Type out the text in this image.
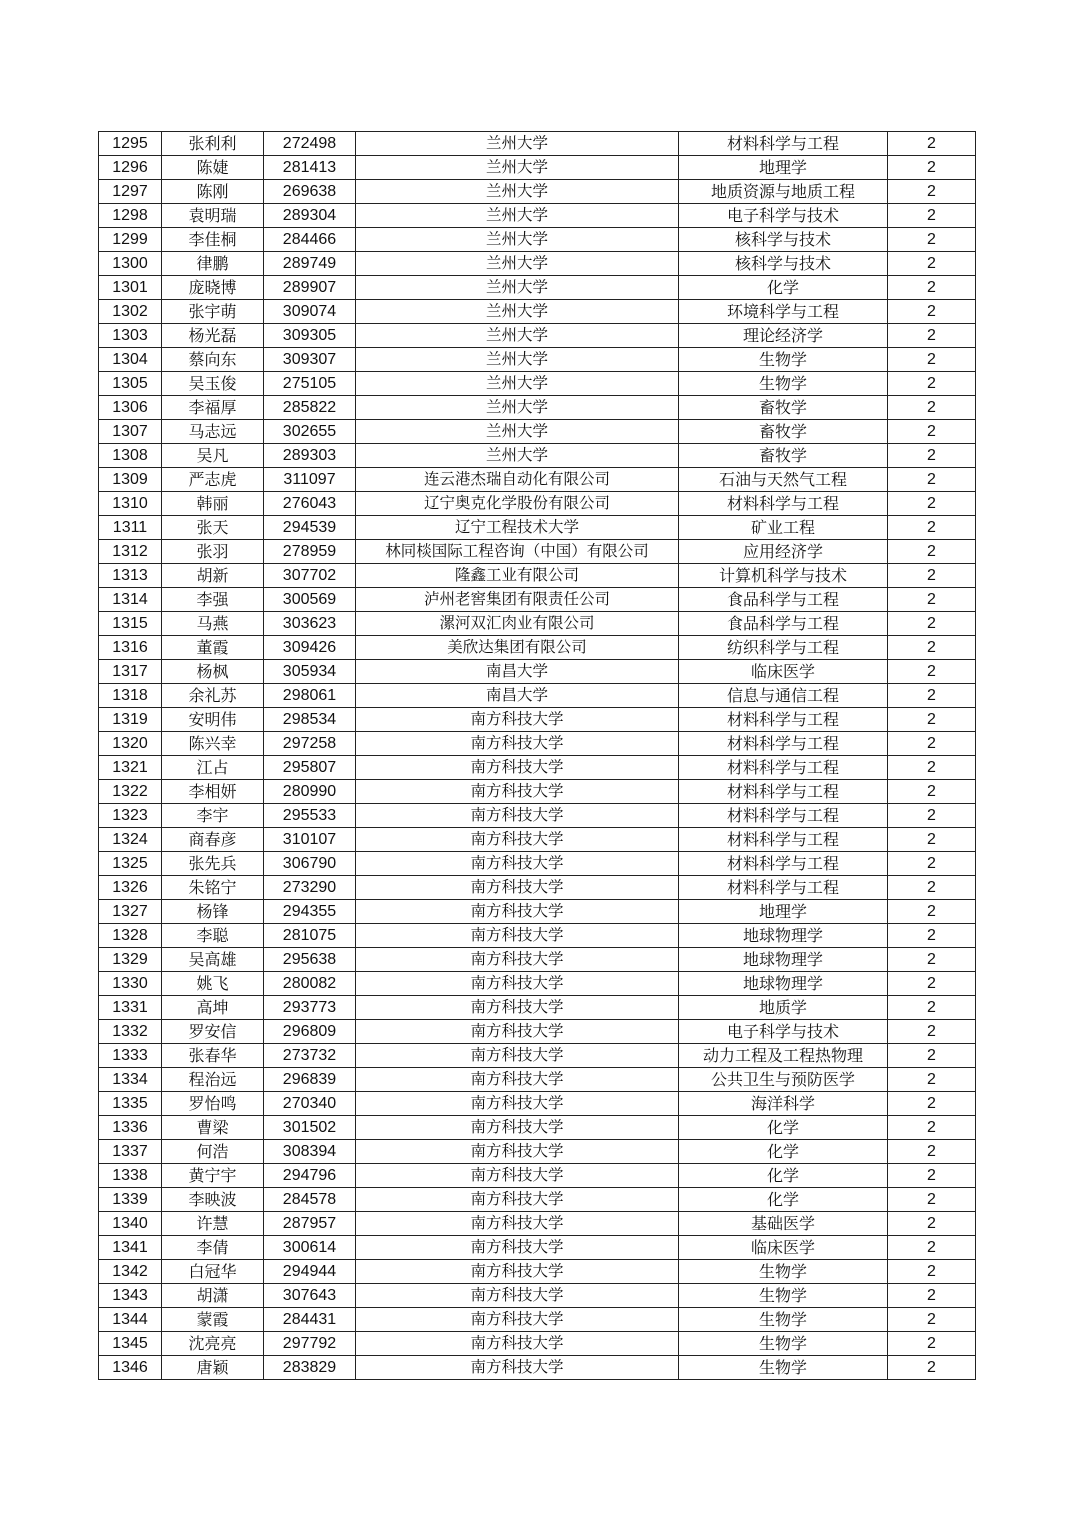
1295	张利利	272498	兰州大学	材料科学与工程	2
1296	陈婕	281413	兰州大学	地理学	2
1297	陈刚	269638	兰州大学	地质资源与地质工程	2
1298	袁明瑞	289304	兰州大学	电子科学与技术	2
1299	李佳桐	284466	兰州大学	核科学与技术	2
1300	律鹏	289749	兰州大学	核科学与技术	2
1301	庞晓博	289907	兰州大学	化学	2
1302	张宇萌	309074	兰州大学	环境科学与工程	2
1303	杨光磊	309305	兰州大学	理论经济学	2
1304	蔡向东	309307	兰州大学	生物学	2
1305	吴玉俊	275105	兰州大学	生物学	2
1306	李福厚	285822	兰州大学	畜牧学	2
1307	马志远	302655	兰州大学	畜牧学	2
1308	吴凡	289303	兰州大学	畜牧学	2
1309	严志虎	311097	连云港杰瑞自动化有限公司	石油与天然气工程	2
1310	韩丽	276043	辽宁奥克化学股份有限公司	材料科学与工程	2
1311	张天	294539	辽宁工程技术大学	矿业工程	2
1312	张羽	278959	林同棪国际工程咨询（中国）有限公司	应用经济学	2
1313	胡新	307702	隆鑫工业有限公司	计算机科学与技术	2
1314	李强	300569	泸州老窖集团有限责任公司	食品科学与工程	2
1315	马燕	303623	漯河双汇肉业有限公司	食品科学与工程	2
1316	董霞	309426	美欣达集团有限公司	纺织科学与工程	2
1317	杨枫	305934	南昌大学	临床医学	2
1318	余礼苏	298061	南昌大学	信息与通信工程	2
1319	安明伟	298534	南方科技大学	材料科学与工程	2
1320	陈兴幸	297258	南方科技大学	材料科学与工程	2
1321	江占	295807	南方科技大学	材料科学与工程	2
1322	李相妍	280990	南方科技大学	材料科学与工程	2
1323	李宇	295533	南方科技大学	材料科学与工程	2
1324	商春彦	310107	南方科技大学	材料科学与工程	2
1325	张先兵	306790	南方科技大学	材料科学与工程	2
1326	朱铭宁	273290	南方科技大学	材料科学与工程	2
1327	杨锋	294355	南方科技大学	地理学	2
1328	李聪	281075	南方科技大学	地球物理学	2
1329	吴高雄	295638	南方科技大学	地球物理学	2
1330	姚飞	280082	南方科技大学	地球物理学	2
1331	高坤	293773	南方科技大学	地质学	2
1332	罗安信	296809	南方科技大学	电子科学与技术	2
1333	张春华	273732	南方科技大学	动力工程及工程热物理	2
1334	程治远	296839	南方科技大学	公共卫生与预防医学	2
1335	罗怡鸣	270340	南方科技大学	海洋科学	2
1336	曹梁	301502	南方科技大学	化学	2
1337	何浩	308394	南方科技大学	化学	2
1338	黄宁宇	294796	南方科技大学	化学	2
1339	李映波	284578	南方科技大学	化学	2
1340	许慧	287957	南方科技大学	基础医学	2
1341	李倩	300614	南方科技大学	临床医学	2
1342	白冠华	294944	南方科技大学	生物学	2
1343	胡潇	307643	南方科技大学	生物学	2
1344	蒙霞	284431	南方科技大学	生物学	2
1345	沈亮亮	297792	南方科技大学	生物学	2
1346	唐颖	283829	南方科技大学	生物学	2
